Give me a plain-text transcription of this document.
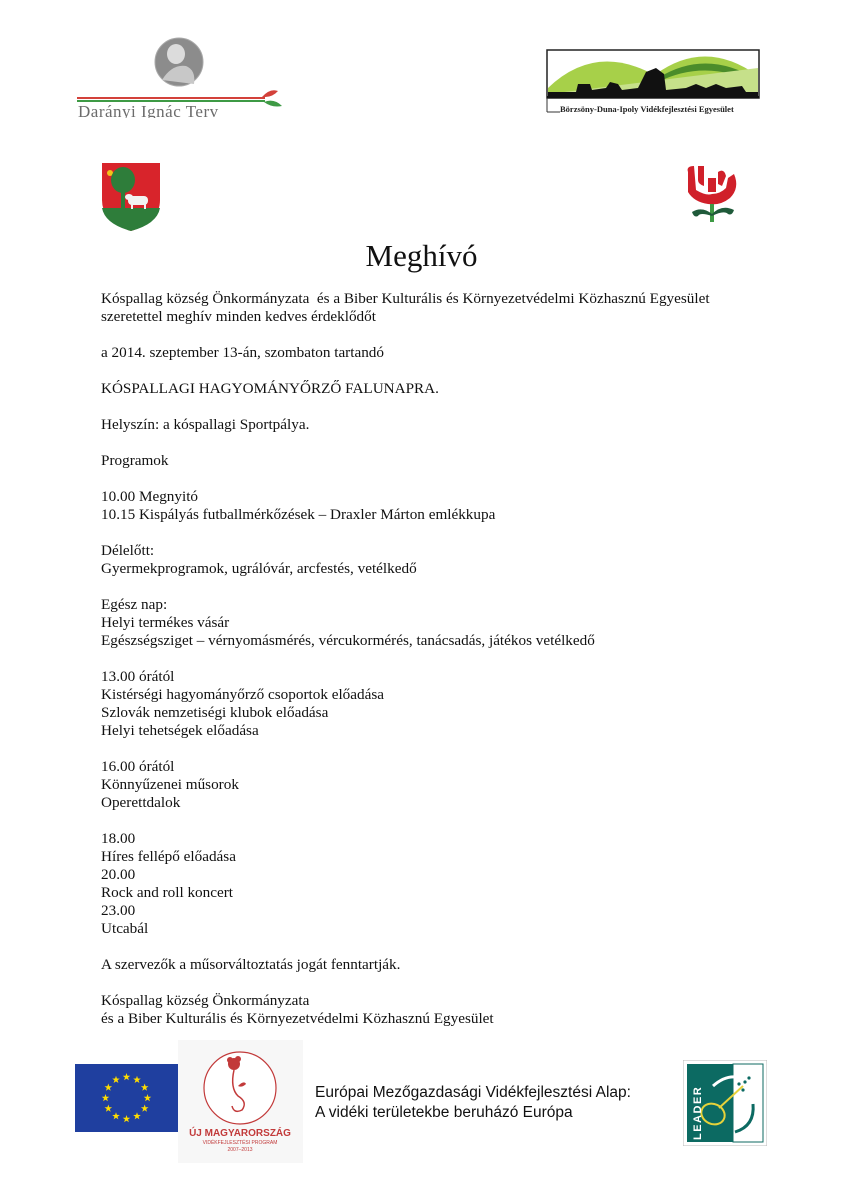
Darányi Ignác Terv	Börzsöny-Duna-Ipoly Vidékfejlesztési Egyesület
Meghívó
Kóspallag község Önkormányzata  és a Biber Kulturális és Környezetvédelmi Közhasznú Egyesület
szeretettel meghív minden kedves érdeklődőt
a 2014. szeptember 13-án, szombaton tartandó
KÓSPALLAGI HAGYOMÁNYŐRZŐ FALUNAPRA.
Helyszín: a kóspallagi Sportpálya.
Programok
10.00 Megnyitó
10.15 Kispályás futballmérkőzések – Draxler Márton emlékkupa
Délelőtt:
Gyermekprogramok, ugrálóvár, arcfestés, vetélkedő
Egész nap:
Helyi termékes vásár
Egészségsziget – vérnyomásmérés, vércukormérés, tanácsadás, játékos vetélkedő
13.00 órától
Kistérségi hagyományőrző csoportok előadása
Szlovák nemzetiségi klubok előadása
Helyi tehetségek előadása
16.00 órától
Könnyűzenei műsorok
Operettdalok
18.00
Híres fellépő előadása
20.00
Rock and roll koncert
23.00
Utcabál
A szervezők a műsorváltoztatás jogát fenntartják.
Kóspallag község Önkormányzata
és a Biber Kulturális és Környezetvédelmi Közhasznú Egyesület
ÚJ MAGYARORSZÁG
VIDÉKFEJLESZTÉSI PROGRAM
2007–2013
Európai Mezőgazdasági Vidékfejlesztési Alap:
A vidéki területekbe beruházó Európa	LEADER
